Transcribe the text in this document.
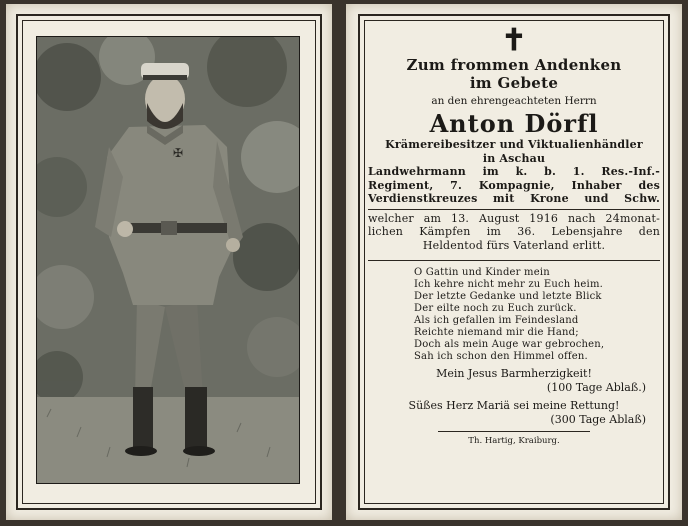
✠
✝
Zum frommen Andenken
im Gebete
an den ehrengeachteten Herrn
Anton Dörfl
Krämereibesitzer und Viktualienhändler
in Aschau
Landwehrmann im k. b. 1. Res.-Inf.-
Regiment, 7. Kompagnie, Inhaber des
Verdienstkreuzes mit Krone und Schw.
welcher am 13. August 1916 nach 24monat-
lichen Kämpfen im 36. Lebensjahre den
Heldentod fürs Vaterland erlitt.
O Gattin und Kinder mein
Ich kehre nicht mehr zu Euch heim.
Der letzte Gedanke und letzte Blick
Der eilte noch zu Euch zurück.
Als ich gefallen im Feindesland
Reichte niemand mir die Hand;
Doch als mein Auge war gebrochen,
Sah ich schon den Himmel offen.
Mein Jesus Barmherzigkeit!
(100 Tage Ablaß.)
Süßes Herz Mariä sei meine Rettung!
(300 Tage Ablaß)
Th. Hartig, Kraiburg.
